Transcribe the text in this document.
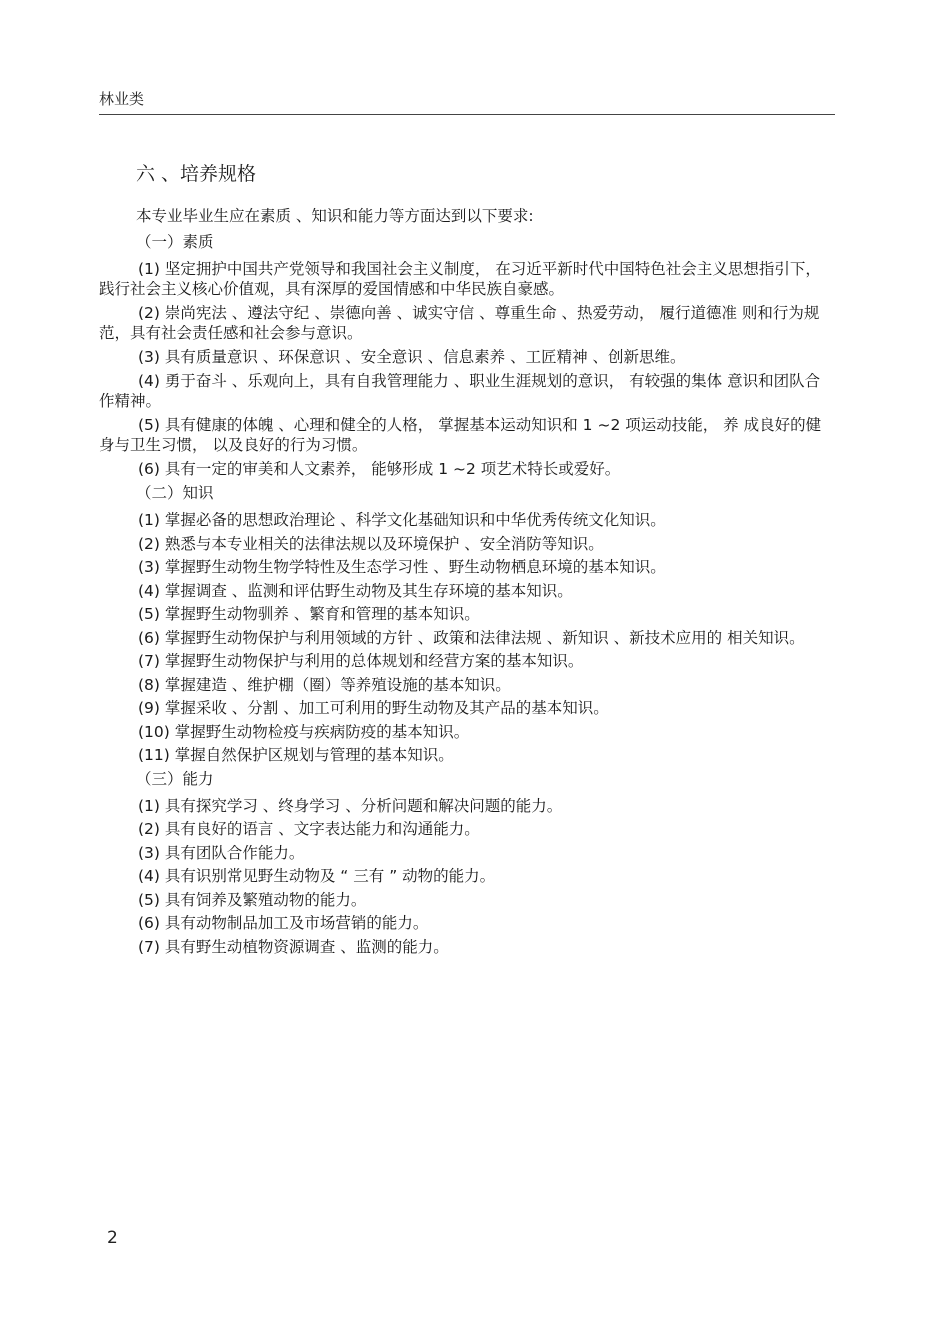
林业类
六 、培养规格
本专业毕业生应在素质 、知识和能力等方面达到以下要求:
（一）素质
(1) 坚定拥护中国共产党领导和我国社会主义制度， 在习近平新时代中国特色社会主义思想指引下，践行社会主义核心价值观，具有深厚的爱国情感和中华民族自豪感。
(2) 崇尚宪法 、遵法守纪 、崇德向善 、诚实守信 、尊重生命 、热爱劳动， 履行道德准 则和行为规范，具有社会责任感和社会参与意识。
(3) 具有质量意识 、环保意识 、安全意识 、信息素养 、工匠精神 、创新思维。
(4) 勇于奋斗 、乐观向上，具有自我管理能力 、职业生涯规划的意识， 有较强的集体 意识和团队合作精神。
(5) 具有健康的体魄 、心理和健全的人格， 掌握基本运动知识和 1 ~2 项运动技能， 养 成良好的健身与卫生习惯， 以及良好的行为习惯。
(6) 具有一定的审美和人文素养， 能够形成 1 ~2 项艺术特长或爱好。
（二）知识
(1) 掌握必备的思想政治理论 、科学文化基础知识和中华优秀传统文化知识。
(2) 熟悉与本专业相关的法律法规以及环境保护 、安全消防等知识。
(3) 掌握野生动物生物学特性及生态学习性 、野生动物栖息环境的基本知识。
(4) 掌握调查 、监测和评估野生动物及其生存环境的基本知识。
(5) 掌握野生动物驯养 、繁育和管理的基本知识。
(6) 掌握野生动物保护与利用领域的方针 、政策和法律法规 、新知识 、新技术应用的 相关知识。
(7) 掌握野生动物保护与利用的总体规划和经营方案的基本知识。
(8) 掌握建造 、维护棚（圈）等养殖设施的基本知识。
(9) 掌握采收 、分割 、加工可利用的野生动物及其产品的基本知识。
(10) 掌握野生动物检疫与疾病防疫的基本知识。
(11) 掌握自然保护区规划与管理的基本知识。
（三）能力
(1) 具有探究学习 、终身学习 、分析问题和解决问题的能力。
(2) 具有良好的语言 、文字表达能力和沟通能力。
(3) 具有团队合作能力。
(4) 具有识别常见野生动物及 “ 三有 ” 动物的能力。
(5) 具有饲养及繁殖动物的能力。
(6) 具有动物制品加工及市场营销的能力。
(7) 具有野生动植物资源调查 、监测的能力。
2
